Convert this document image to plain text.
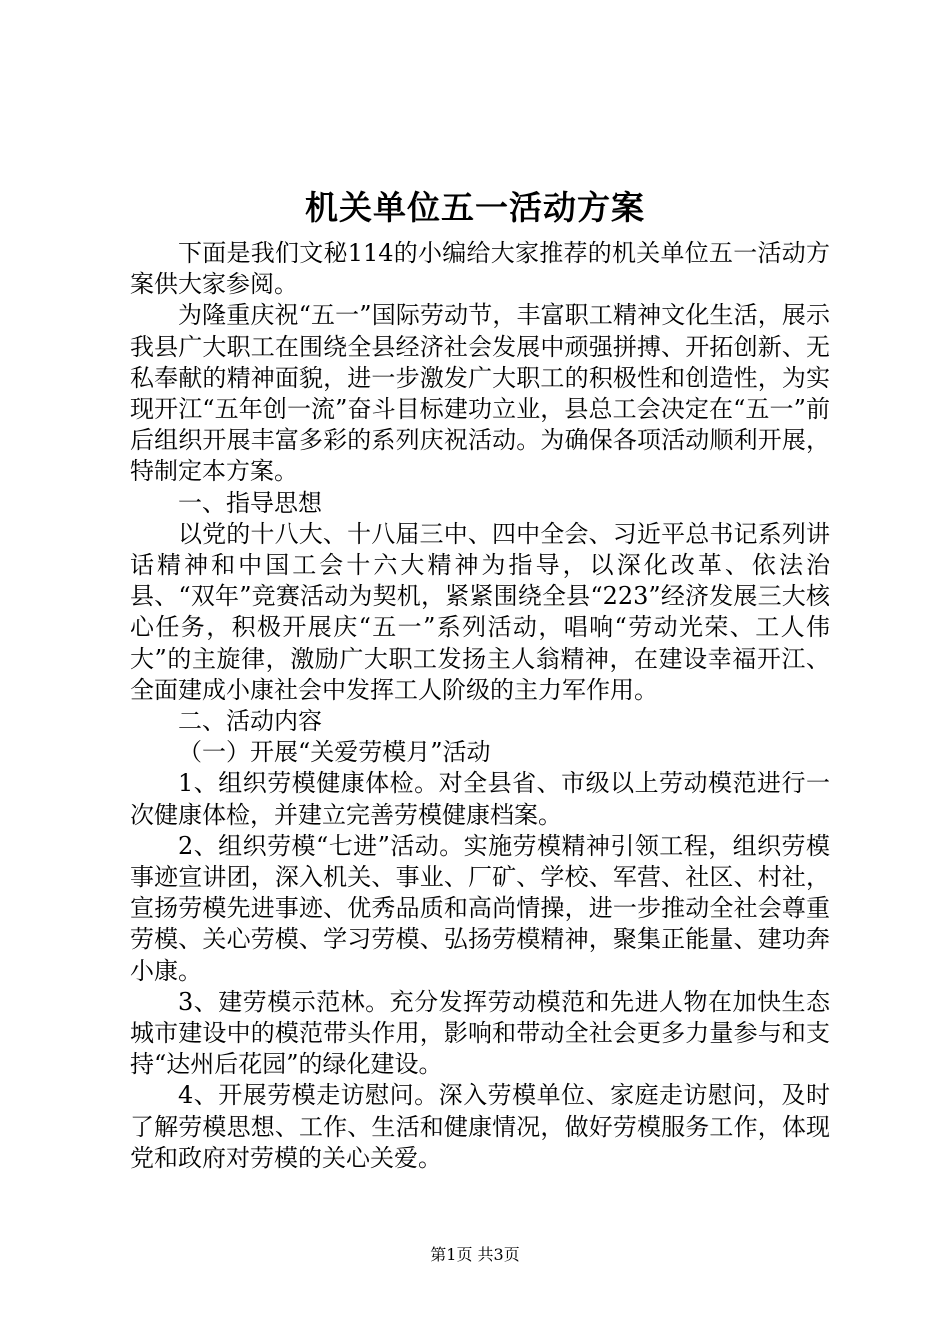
机关单位五一活动方案

下面是我们文秘114的小编给大家推荐的机关单位五一活动方案供大家参阅。

为隆重庆祝“五一”国际劳动节，丰富职工精神文化生活，展示我县广大职工在围绕全县经济社会发展中顽强拼搏、开拓创新、无私奉献的精神面貌，进一步激发广大职工的积极性和创造性，为实现开江“五年创一流”奋斗目标建功立业，县总工会决定在“五一”前后组织开展丰富多彩的系列庆祝活动。为确保各项活动顺利开展，特制定本方案。

一、指导思想

以党的十八大、十八届三中、四中全会、习近平总书记系列讲话精神和中国工会十六大精神为指导，以深化改革、依法治县、“双年”竞赛活动为契机，紧紧围绕全县“223”经济发展三大核心任务，积极开展庆“五一”系列活动，唱响“劳动光荣、工人伟大”的主旋律，激励广大职工发扬主人翁精神，在建设幸福开江、全面建成小康社会中发挥工人阶级的主力军作用。

二、活动内容

（一）开展“关爱劳模月”活动

1、组织劳模健康体检。对全县省、市级以上劳动模范进行一次健康体检，并建立完善劳模健康档案。

2、组织劳模“七进”活动。实施劳模精神引领工程，组织劳模事迹宣讲团，深入机关、事业、厂矿、学校、军营、社区、村社，宣扬劳模先进事迹、优秀品质和高尚情操，进一步推动全社会尊重劳模、关心劳模、学习劳模、弘扬劳模精神，聚集正能量、建功奔小康。

3、建劳模示范林。充分发挥劳动模范和先进人物在加快生态城市建设中的模范带头作用，影响和带动全社会更多力量参与和支持“达州后花园”的绿化建设。

4、开展劳模走访慰问。深入劳模单位、家庭走访慰问，及时了解劳模思想、工作、生活和健康情况，做好劳模服务工作，体现党和政府对劳模的关心关爱。

第1页 共3页
